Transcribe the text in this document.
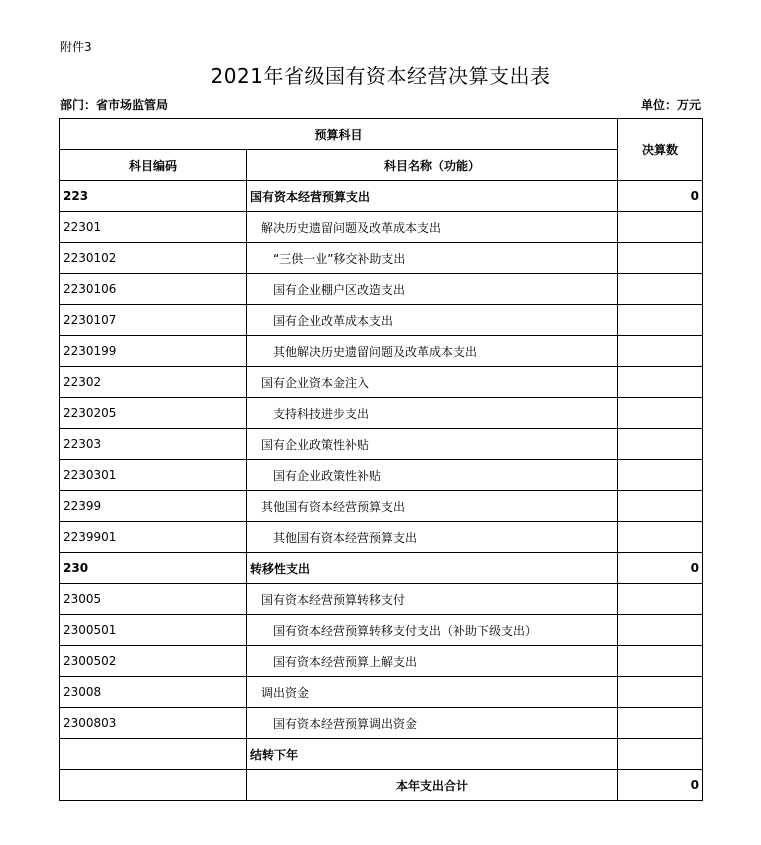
附件3
2021年省级国有资本经营决算支出表
部门：省市场监管局	单位：万元
预算科目		决算数
科目编码	科目名称（功能）	
223	国有资本经营预算支出	0
22301	解决历史遗留问题及改革成本支出	
2230102	“三供一业”移交补助支出	
2230106	国有企业棚户区改造支出	
2230107	国有企业改革成本支出	
2230199	其他解决历史遗留问题及改革成本支出	
22302	国有企业资本金注入	
2230205	支持科技进步支出	
22303	国有企业政策性补贴	
2230301	国有企业政策性补贴	
22399	其他国有资本经营预算支出	
2239901	其他国有资本经营预算支出	
230	转移性支出	0
23005	国有资本经营预算转移支付	
2300501	国有资本经营预算转移支付支出（补助下级支出）	
2300502	国有资本经营预算上解支出	
23008	调出资金	
2300803	国有资本经营预算调出资金	
	结转下年	
	本年支出合计	0
